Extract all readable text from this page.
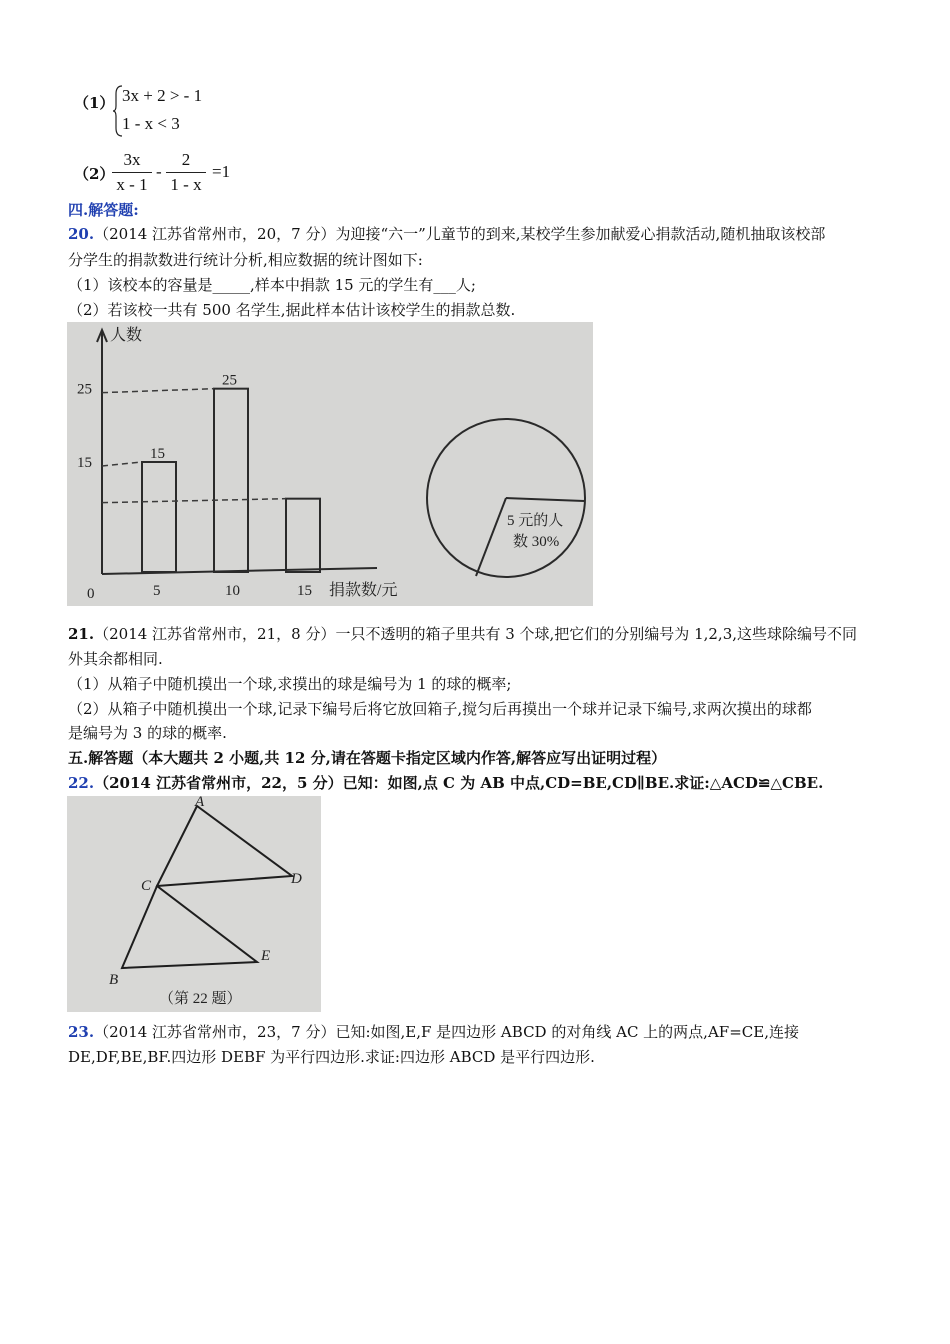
（1） 3x + 2 > - 1
1 - x < 3
（2）
3x
x - 1
-
2
1 - x
=1
四.解答题:
20.（2014 江苏省常州市，20，7 分）为迎接“六一”儿童节的到来,某校学生参加献爱心捐款活动,随机抽取该校部
分学生的捐款数进行统计分析,相应数据的统计图如下:
（1）该校本的容量是_____,样本中捐款 15 元的学生有___人;
（2）若该校一共有 500 名学生,据此样本估计该校学生的捐款总数.
人数
捐款数/元
0	5
15
10
25
15
25
15
5 元的人
数 30%
21.（2014 江苏省常州市，21，8 分）一只不透明的箱子里共有 3 个球,把它们的分别编号为 1,2,3,这些球除编号不同
外其余都相同.
（1）从箱子中随机摸出一个球,求摸出的球是编号为 1 的球的概率;
（2）从箱子中随机摸出一个球,记录下编号后将它放回箱子,搅匀后再摸出一个球并记录下编号,求两次摸出的球都
是编号为 3 的球的概率.
五.解答题（本大题共 2 小题,共 12 分,请在答题卡指定区域内作答,解答应写出证明过程）
22.（2014 江苏省常州市，22，5 分）已知：如图,点 C 为 AB 中点,CD=BE,CD∥BE.求证:△ACD≌△CBE.
A
C	D
B
E
（第 22 题）
23.（2014 江苏省常州市，23，7 分）已知:如图,E,F 是四边形 ABCD 的对角线 AC 上的两点,AF=CE,连接
DE,DF,BE,BF.四边形 DEBF 为平行四边形.求证:四边形 ABCD 是平行四边形.
